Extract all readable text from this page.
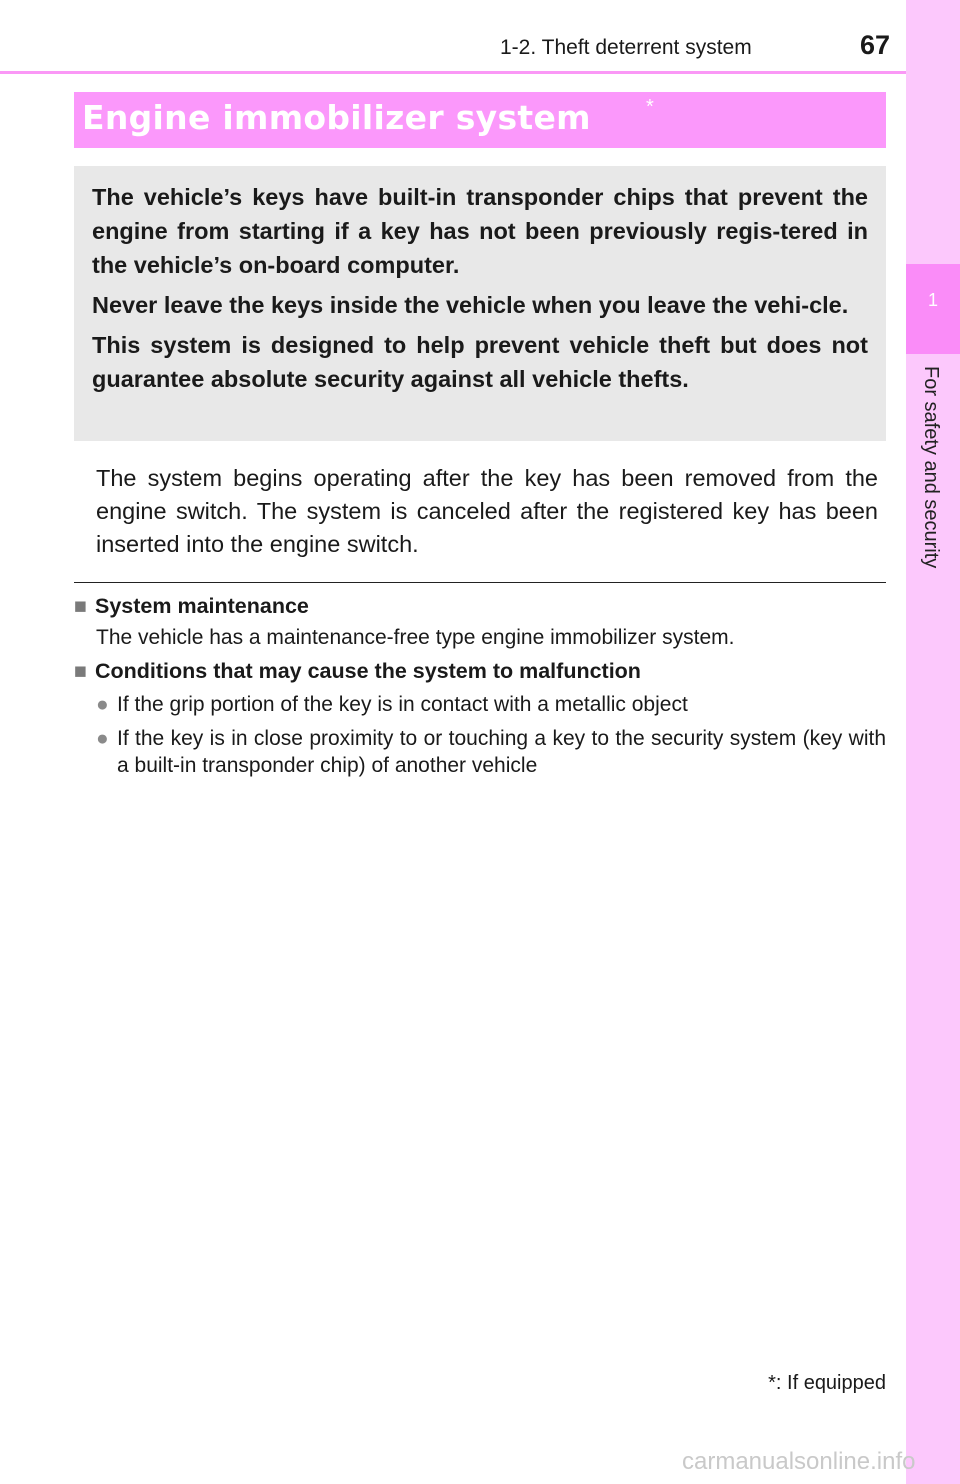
1
For safety and security
1-2. Theft deterrent system	67
Engine immobilizer system	*

The vehicle’s keys have built-in transponder chips that prevent the engine from starting if a key has not been previously regis-tered in the vehicle’s on-board computer.

Never leave the keys inside the vehicle when you leave the vehi-cle.

This system is designed to help prevent vehicle theft but does not guarantee absolute security against all vehicle thefts.

The system begins operating after the key has been removed from the engine switch. The system is canceled after the registered key has been inserted into the engine switch.

■ System maintenance
The vehicle has a maintenance-free type engine immobilizer system.
■ Conditions that may cause the system to malfunction
● If the grip portion of the key is in contact with a metallic object
● If the key is in close proximity to or touching a key to the security system (key with a built-in transponder chip) of another vehicle
*: If equipped
carmanualsonline.info
